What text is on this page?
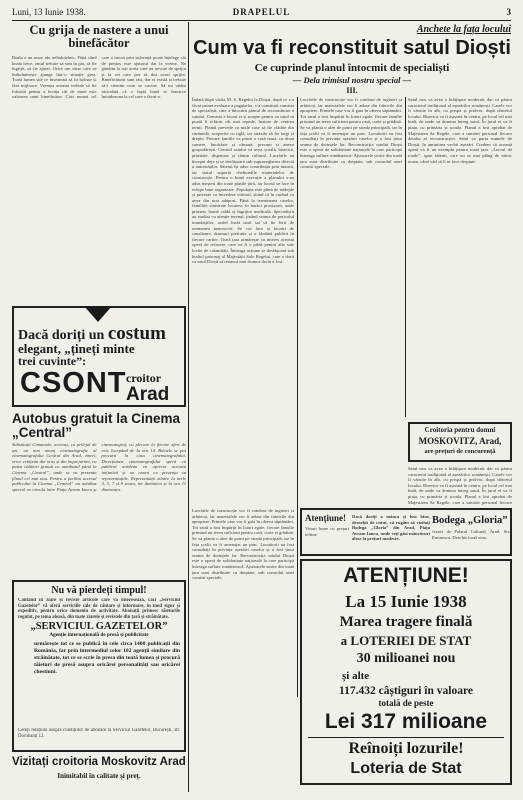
Luni, 13 Iunie 1938.	DRAPELUL	3

Cu grija de nastere a unui binefăcător

Boala e un mare rău neîndoielnic. Până când boala trece, omul trebuie să stea în pat, să fie îngrijit, să fie ajutat. Orice om sărac care se îmbolnăvește ajunge într-o situație grea. Toată lumea știe ce înseamnă să fii bolnav și fără mijloace. Vremea aceasta trebuie să fie folosită pentru a învăța cât de mare este valoarea unui binefăcător. Căci numai cel care a trecut prin suferință poate înțelege cât de prețios este ajutorul dat la vreme. Ne gândim la toți aceia care au nevoie de sprijin și la cei care pot să dea acest sprijin. Binefăcătorii sunt rari, dar ei există și trebuie să-i cinstim cum se cuvine. Să nu uităm niciodată că o faptă bună se întoarce întotdeauna la cel care a făcut-o.

Dacă doriți un costum

elegant, „țineți minte

trei cuvinte”:

CSONT croitor

Arad

Autobus gratuit la Cinema „Central”

Substituții Comunale, aceeași, cu prilejul de azi, un nou anunț cinematografic al cinematografului Central din Arad, vineri, orice cetățean din oraș și din împrejurimi, va putea călători gratuit cu autobuzul până la Cinema „Central”, unde se va prezenta filmul cel mai nou. Pentru a facilita accesul publicului la Cinema „Central” un autobuz special va circula între Piața Avram Iancu și cinematograf, cu plecare la fiecare sfert de oră, începând de la ora 14. Biletele se pot procura la casa cinematografului. Direcțiunea cinematografului speră că publicul arădean va aprecia această inițiativă și va onora cu prezența sa reprezentațiile. Reprezentații zilnice la orele 3, 5, 7 și 9 seara, iar duminica și la ora 11 dimineața.

Nu vă pierdeți timpul!

Căutând în ziare și reviste articole care vă interesează, căci „Serviciul Gazetelor” vă oferă serviciile sale de căutare și informare, în mod sigur și expeditiv, pentru orice domeniu de activitate. Abonații primesc tăieturile regulat, pe tema aleasă, din toate ziarele și revistele din țară și străinătate.

„SERVICIUL GAZETELOR”

Agenție internațională de presă și publicitate

urmărește tot ce se publică în cele circa 1400 publicații din România, far prin intermediul celor 102 agenții similare din străinătate, tot ce se scrie în presa din toată lumea și procură tăieturi de presă asupra oricărei personalități sau oricărei chestiuni.

Cereți relațiuni asupra condițiilor de abonare la Serviciul Gazetelor, București, str. Dorobanți 12.

Vizitați croitoria Moskovitz Arad

Inimitabil în calitate și preț.

Anchete la fața locului

Cum va fi reconstituit satul Dioști

Ce cuprinde planul întocmit de specialiști

— Dela trimisul nostru special —

III.

Îndată după vizita M. S. Regelui la Dioști, după ce s-a făcut prima evaluare a pagubelor, s-a constituit comisia de specialiști, care a întocmit planul de reconstituire a satului. Comisia a lucrat zi și noapte pentru ca satul să poată fi refăcut cât mai repede, înainte de venirea iernii. Planul prevede ca noile case să fie clădite din cărămidă, acoperite cu țiglă, iar străzile să fie largi și drepte. Fiecare familie va primi o casă nouă, cu două camere, bucătărie și cămară, precum și anexe gospodărești. Centrul satului va avea școală, biserică, primărie, dispensar și cămin cultural. Lucrările au început deja și se desfășoară sub supravegherea directă a autorităților. Sătenii își aduc contribuția prin muncă, iar statul suportă cheltuielile materialelor de construcție. Pentru o bună execuție a planului s-au adus meșteri din toate părțile țării, iar lucrul se face în echipe bine organizate. Populația este plină de nădejde și privește cu încredere viitorul, știind că în curând va avea din nou adăpost. Până la terminarea caselor, familiile sinistrate locuiesc în barăci provizorii, unde primesc hrană caldă și îngrijire medicală. Specialiștii au studiat cu atenție terenul, ținând seama de pericolul inundațiilor, astfel încât noul sat să fie ferit de asemenea nenorociri. Se vor face și lucrări de canalizare, drumuri pietruite și o fântână publică în fiecare cartier. Toată țara urmărește cu interes această operă de refacere, care va fi o pildă pentru alte sate lovite de calamități. Întreaga acțiune se desfășoară sub înaltul patronaj al Majestății Sale Regelui, care a dorit ca satul Dioști să renască mai frumos decât a fost.

Lucrările de construcție vor fi conduse de ingineri și arhitecți, iar materialele vor fi aduse din fabricile din apropiere. Primele case vor fi gata în câteva săptămâni. Tot satul a fost împărțit în loturi egale, fiecare familie primind un teren suficient pentru casă, curte și grădină. Se va planta o alee de pomi pe strada principală, iar în fața școlii va fi amenajat un parc. Locuitorii au fost consultați în privința așezării caselor și a fost ținut seama de dorințele lor. Reconstrucția satului Dioști este o operă de solidaritate națională la care participă întreaga suflare românească. Ajutoarele sosite din toată țara sunt distribuite cu dreptate, sub controlul unei comisii speciale.

Satul nou va avea o înfățișare modernă, dar va păstra caracterul tradițional al așezărilor românești. Casele vor fi văruite în alb, cu prispă și pridvor, după obiceiul locului. Biserica va fi așezată în centru, pe locul cel mai înalt, de unde va domina întreg satul. În jurul ei va fi piața, cu primăria și școala. Planul a fost aprobat de Majestatea Sa Regele, care a urmărit personal fiecare detaliu al reconstrucției. Satul va purta numele de Dioști, în amintirea vechii așezări. Credem că această operă va fi un exemplu pentru toată țara. „Lucrul dă roade”, spun sătenii, care nu se mai plâng de nimic acum, când văd că li se face dreptate.

Croitoria pentru domni

MOSKOVITZ, Arad,

are prețuri de concurență

Satul nou va avea o înfățișare modernă, dar va păstra caracterul tradițional al așezărilor românești. Casele vor fi văruite în alb, cu prispă și pridvor, după obiceiul locului. Biserica va fi așezată în centru, pe locul cel mai înalt, de unde va domina întreg satul. În jurul ei va fi piața, cu primăria și școala. Planul a fost aprobat de Majestatea Sa Regele, care a urmărit personal fiecare

Atențiune!

Vinuri bune cu prețuri ieftine

Dacă doriți a mânca și bea bine, deosebit de curat, vă rugăm să vizitați Bodega „Gloria” din Arad, Piața Avram Iancu, unde veți găsi mâncăruri alese la prețuri modeste.

Bodega „Gloria”

vizavi de Palatul Cultural, Arad, Str. Eminescu. Deschis toată ziua.

ATENȚIUNE!

La 15 Iunie 1938

Marea tragere finală

a LOTERIEI DE STAT

30 milioanei nou

și alte

117.432 câștiguri în valoare

totală de peste

Lei 317 milioane

Reînoiți lozurile!

Loteria de Stat

Lucrările de construcție vor fi conduse de ingineri și arhitecți, iar materialele vor fi aduse din fabricile din apropiere. Primele case vor fi gata în câteva săptămâni. Tot satul a fost împărțit în loturi egale, fiecare familie primind un teren suficient pentru casă, curte și grădină. Se va planta o alee de pomi pe strada principală, iar în fața școlii va fi amenajat un parc. Locuitorii au fost consultați în privința așezării caselor și a fost ținut seama de dorințele lor. Reconstrucția satului Dioști este o operă de solidaritate națională la care participă întreaga suflare românească. Ajutoarele sosite din toată țara sunt distribuite cu dreptate, sub controlul unei comisii speciale.
